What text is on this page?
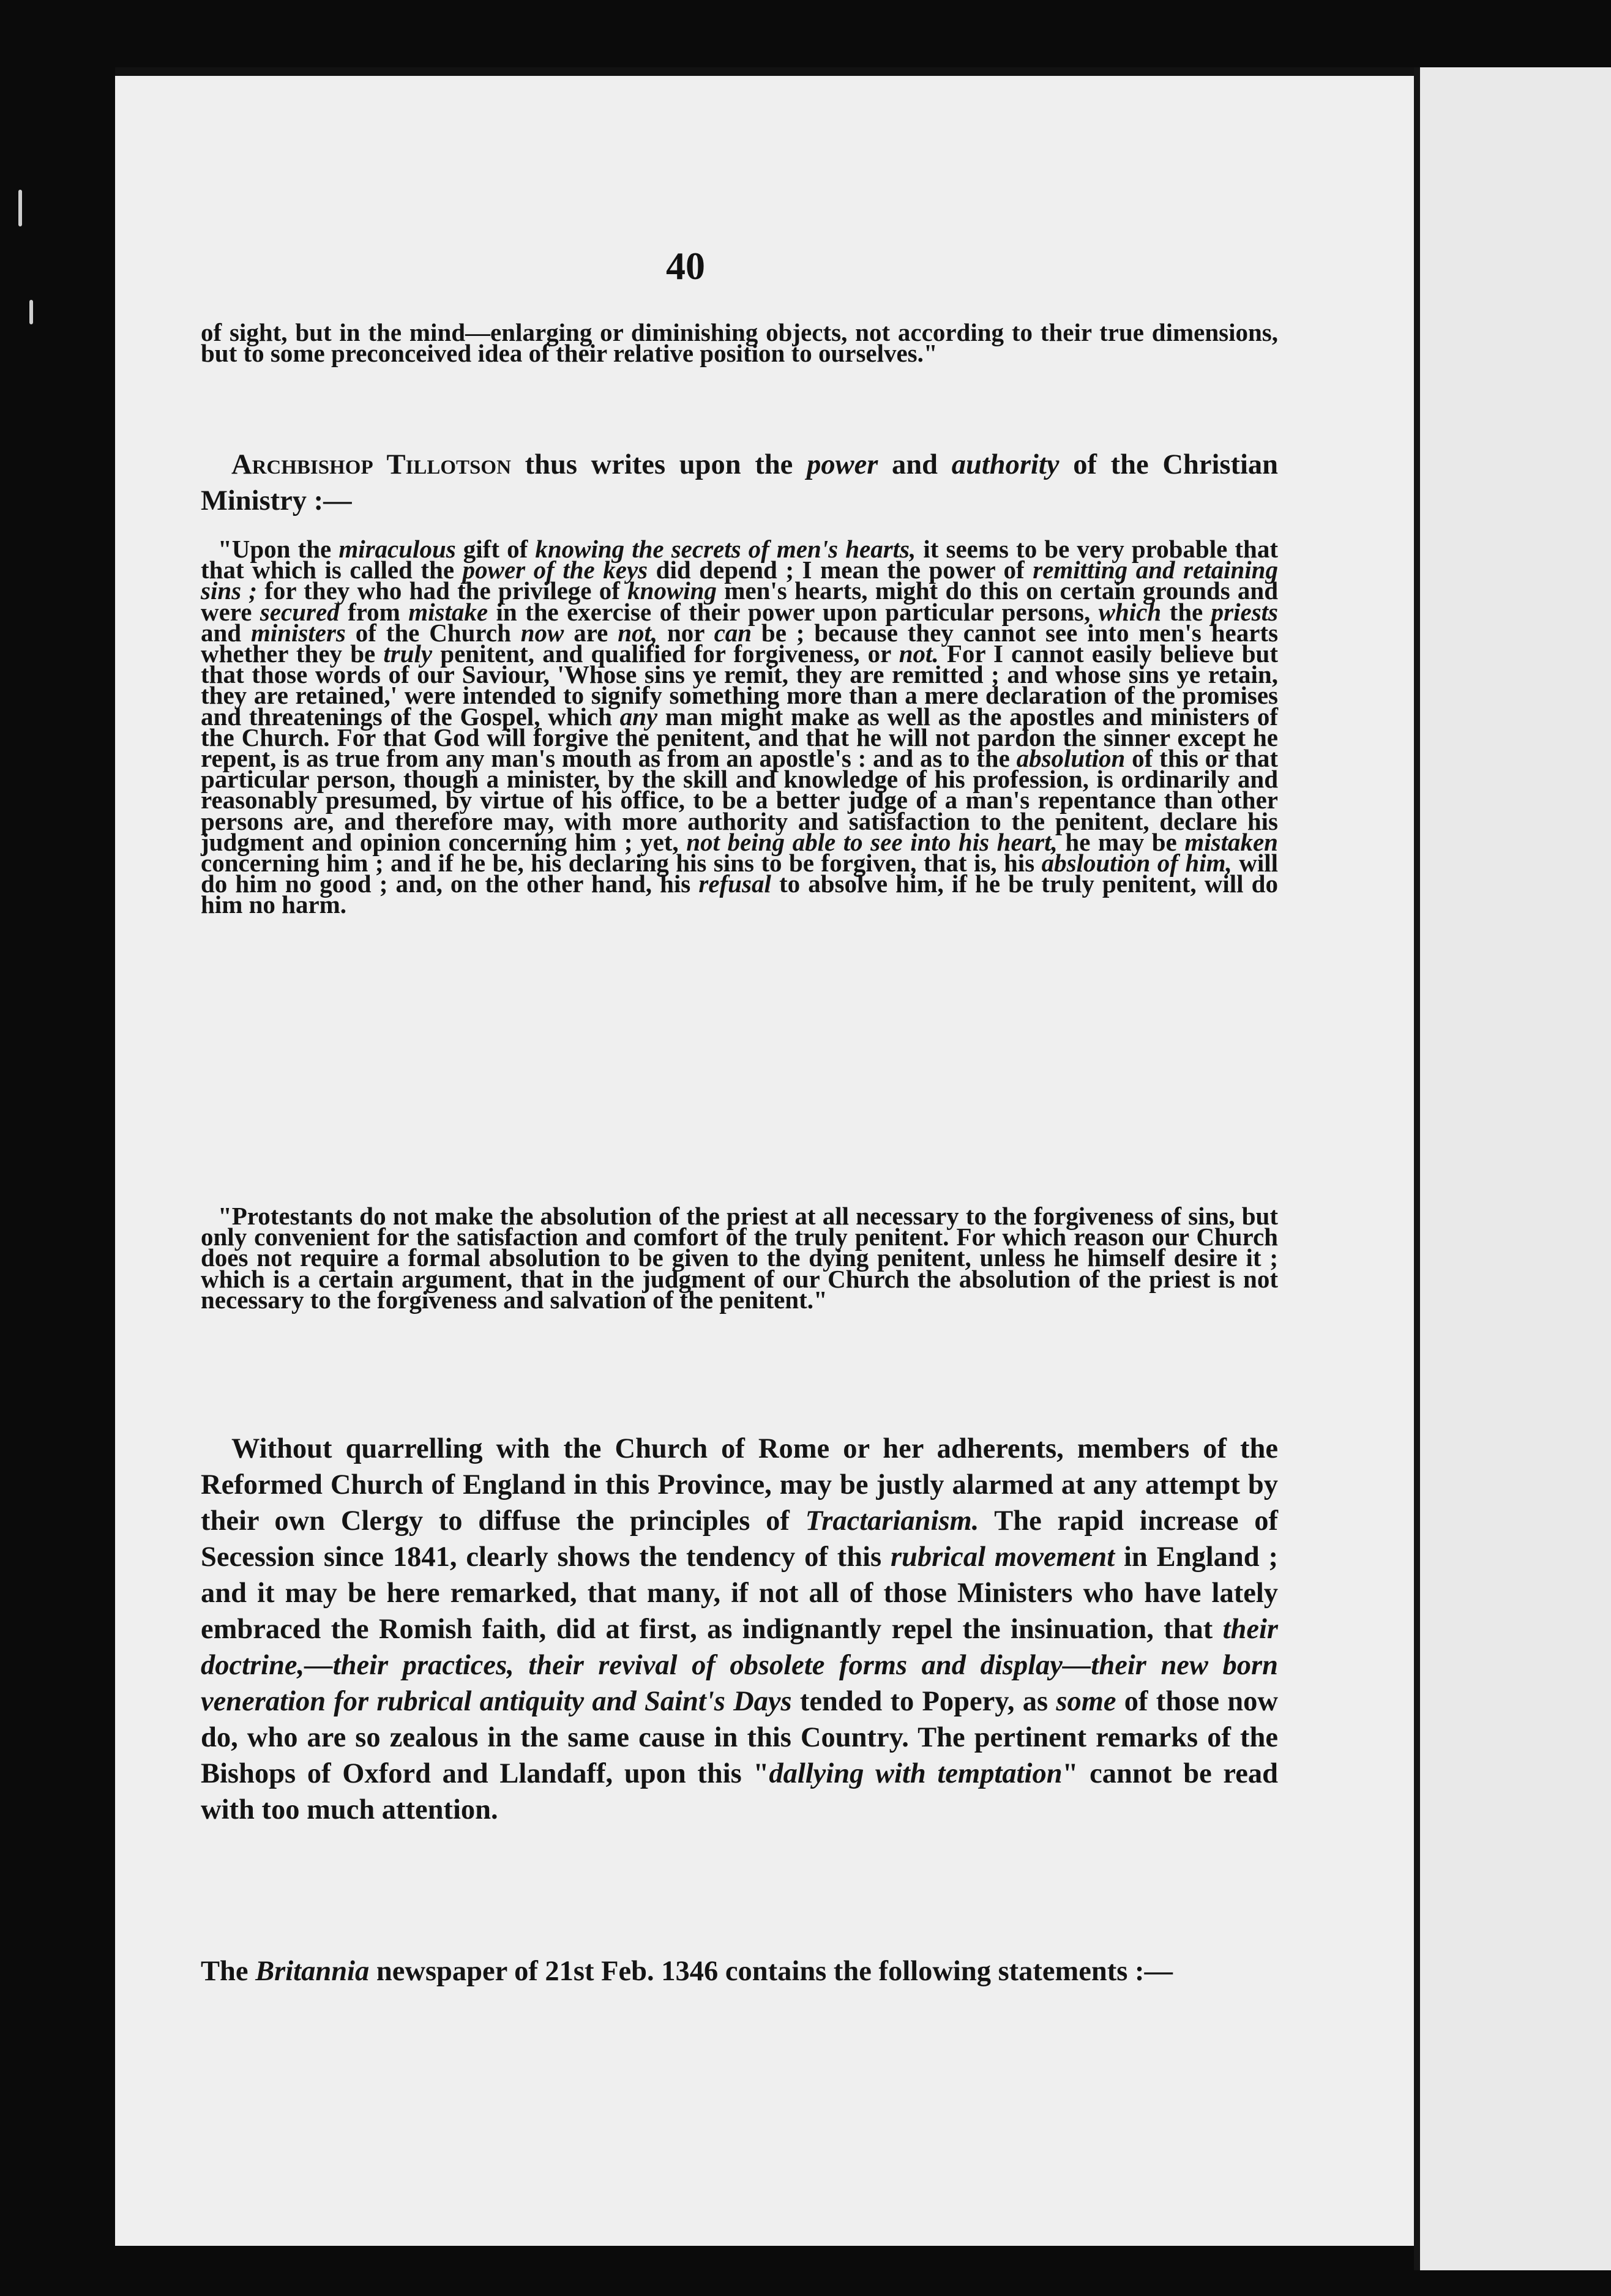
40

of sight, but in the mind—enlarging or diminishing objects, not according to their true dimensions, but to some preconceived idea of their relative position to ourselves."

Archbishop Tillotson thus writes upon the power and authority of the Christian Ministry :—

"Upon the miraculous gift of knowing the secrets of men's hearts, it seems to be very probable that that which is called the power of the keys did depend ; I mean the power of remitting and retaining sins ; for they who had the privilege of knowing men's hearts, might do this on certain grounds and were secured from mistake in the exercise of their power upon particular persons, which the priests and ministers of the Church now are not, nor can be ; because they cannot see into men's hearts whether they be truly penitent, and qualified for forgiveness, or not. For I cannot easily believe but that those words of our Saviour, 'Whose sins ye remit, they are remitted ; and whose sins ye retain, they are retained,' were intended to signify something more than a mere declaration of the promises and threatenings of the Gospel, which any man might make as well as the apostles and ministers of the Church. For that God will forgive the penitent, and that he will not pardon the sinner except he repent, is as true from any man's mouth as from an apostle's : and as to the absolution of this or that particular person, though a minister, by the skill and knowledge of his profession, is ordinarily and reasonably presumed, by virtue of his office, to be a better judge of a man's repentance than other persons are, and therefore may, with more authority and satisfaction to the penitent, declare his judgment and opinion concerning him ; yet, not being able to see into his heart, he may be mistaken concerning him ; and if he be, his declaring his sins to be forgiven, that is, his absloution of him, will do him no good ; and, on the other hand, his refusal to absolve him, if he be truly penitent, will do him no harm.

"Protestants do not make the absolution of the priest at all necessary to the forgiveness of sins, but only convenient for the satisfaction and comfort of the truly penitent. For which reason our Church does not require a formal absolution to be given to the dying penitent, unless he himself desire it ; which is a certain argument, that in the judgment of our Church the absolution of the priest is not necessary to the forgiveness and salvation of the penitent."

Without quarrelling with the Church of Rome or her adherents, members of the Reformed Church of England in this Province, may be justly alarmed at any attempt by their own Clergy to diffuse the principles of Tractarianism. The rapid increase of Secession since 1841, clearly shows the tendency of this rubrical movement in England ; and it may be here remarked, that many, if not all of those Ministers who have lately embraced the Romish faith, did at first, as indignantly repel the insinuation, that their doctrine,—their practices, their revival of obsolete forms and display—their new born veneration for rubrical antiquity and Saint's Days tended to Popery, as some of those now do, who are so zealous in the same cause in this Country. The pertinent remarks of the Bishops of Oxford and Llandaff, upon this "dallying with temptation" cannot be read with too much attention.

The Britannia newspaper of 21st Feb. 1346 contains the following statements :—
